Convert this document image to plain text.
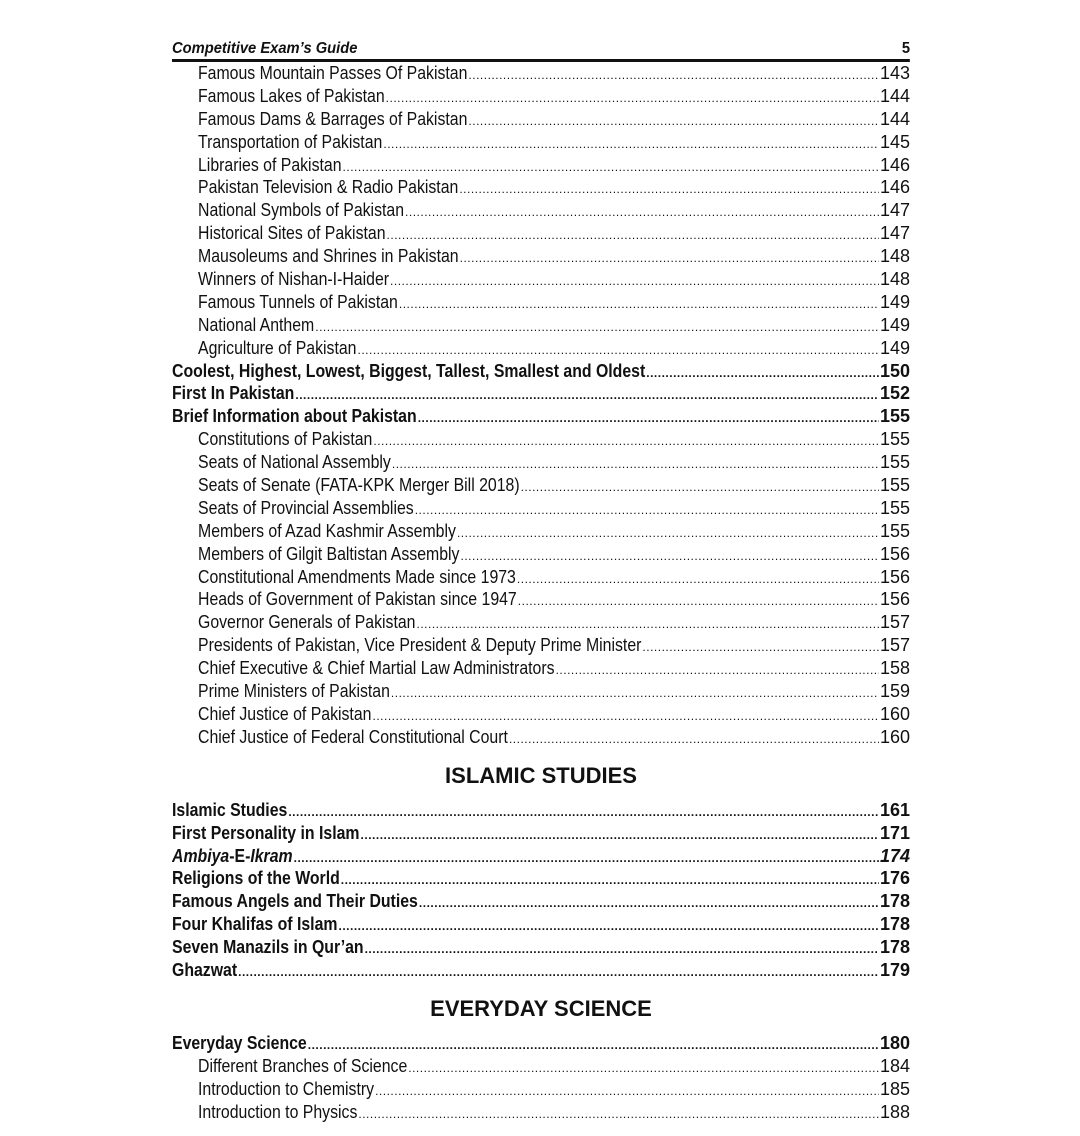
Competitive Exam’s Guide	5
Famous Mountain Passes Of Pakistan .....	143
Famous Lakes of Pakistan .....	144
Famous Dams & Barrages of Pakistan .....	144
Transportation of Pakistan .....	145
Libraries of Pakistan .....	146
Pakistan Television & Radio Pakistan .....	146
National Symbols of Pakistan .....	147
Historical Sites of Pakistan .....	147
Mausoleums and Shrines in Pakistan .....	148
Winners of Nishan-I-Haider .....	148
Famous Tunnels of Pakistan .....	149
National Anthem .....	149
Agriculture of Pakistan .....	149
Coolest, Highest, Lowest, Biggest, Tallest, Smallest and Oldest .....	150
First In Pakistan .....	152
Brief Information about Pakistan .....	155
Constitutions of Pakistan .....	155
Seats of National Assembly .....	155
Seats of Senate (FATA-KPK Merger Bill 2018) .....	155
Seats of Provincial Assemblies .....	155
Members of Azad Kashmir Assembly .....	155
Members of Gilgit Baltistan Assembly .....	156
Constitutional Amendments Made since 1973 .....	156
Heads of Government of Pakistan since 1947 .....	156
Governor Generals of Pakistan .....	157
Presidents of Pakistan, Vice President & Deputy Prime Minister .....	157
Chief Executive & Chief Martial Law Administrators .....	158
Prime Ministers of Pakistan .....	159
Chief Justice of Pakistan .....	160
Chief Justice of Federal Constitutional Court .....	160
ISLAMIC STUDIES
Islamic Studies .....	161
First Personality in Islam .....	171
Ambiya-E-Ikram .....	174
Religions of the World .....	176
Famous Angels and Their Duties .....	178
Four Khalifas of Islam .....	178
Seven Manazils in Qur’an .....	178
Ghazwat .....	179
EVERYDAY SCIENCE
Everyday Science .....	180
Different Branches of Science .....	184
Introduction to Chemistry .....	185
Introduction to Physics .....	188
